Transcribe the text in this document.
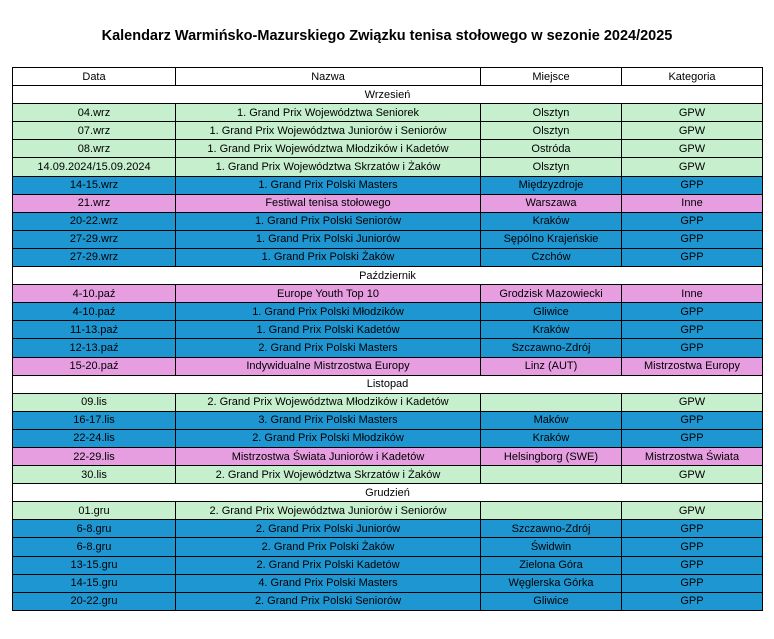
Kalendarz Warmińsko-Mazurskiego Związku tenisa stołowego w sezonie 2024/2025
Data	Nazwa	Miejsce	Kategoria
Wrzesień			
04.wrz	1. Grand Prix Województwa Seniorek	Olsztyn	GPW
07.wrz	1. Grand Prix Województwa Juniorów i Seniorów	Olsztyn	GPW
08.wrz	1. Grand Prix Województwa Młodzików i Kadetów	Ostróda	GPW
14.09.2024/15.09.2024	1. Grand Prix Województwa Skrzatów i Żaków	Olsztyn	GPW
14-15.wrz	1. Grand Prix Polski Masters	Międzyzdroje	GPP
21.wrz	Festiwal tenisa stołowego	Warszawa	Inne
20-22.wrz	1. Grand Prix Polski Seniorów	Kraków	GPP
27-29.wrz	1. Grand Prix Polski Juniorów	Sępólno Krajeńskie	GPP
27-29.wrz	1. Grand Prix Polski Żaków	Czchów	GPP
Październik			
4-10.paź	Europe Youth Top 10	Grodzisk Mazowiecki	Inne
4-10.paź	1. Grand Prix Polski Młodzików	Gliwice	GPP
11-13.paź	1. Grand Prix Polski Kadetów	Kraków	GPP
12-13.paź	2. Grand Prix Polski Masters	Szczawno-Zdrój	GPP
15-20.paź	Indywidualne Mistrzostwa Europy	Linz (AUT)	Mistrzostwa Europy
Listopad			
09.lis	2. Grand Prix Województwa Młodzików i Kadetów		GPW
16-17.lis	3. Grand Prix Polski Masters	Maków	GPP
22-24.lis	2. Grand Prix Polski Młodzików	Kraków	GPP
22-29.lis	Mistrzostwa Świata Juniorów i Kadetów	Helsingborg (SWE)	Mistrzostwa Świata
30.lis	2. Grand Prix Województwa Skrzatów i Żaków		GPW
Grudzień			
01.gru	2. Grand Prix Województwa Juniorów i Seniorów		GPW
6-8.gru	2. Grand Prix Polski Juniorów	Szczawno-Zdrój	GPP
6-8.gru	2. Grand Prix Polski Żaków	Świdwin	GPP
13-15.gru	2. Grand Prix Polski Kadetów	Zielona Góra	GPP
14-15.gru	4. Grand Prix Polski Masters	Węglerska Górka	GPP
20-22.gru	2. Grand Prix Polski Seniorów	Gliwice	GPP
